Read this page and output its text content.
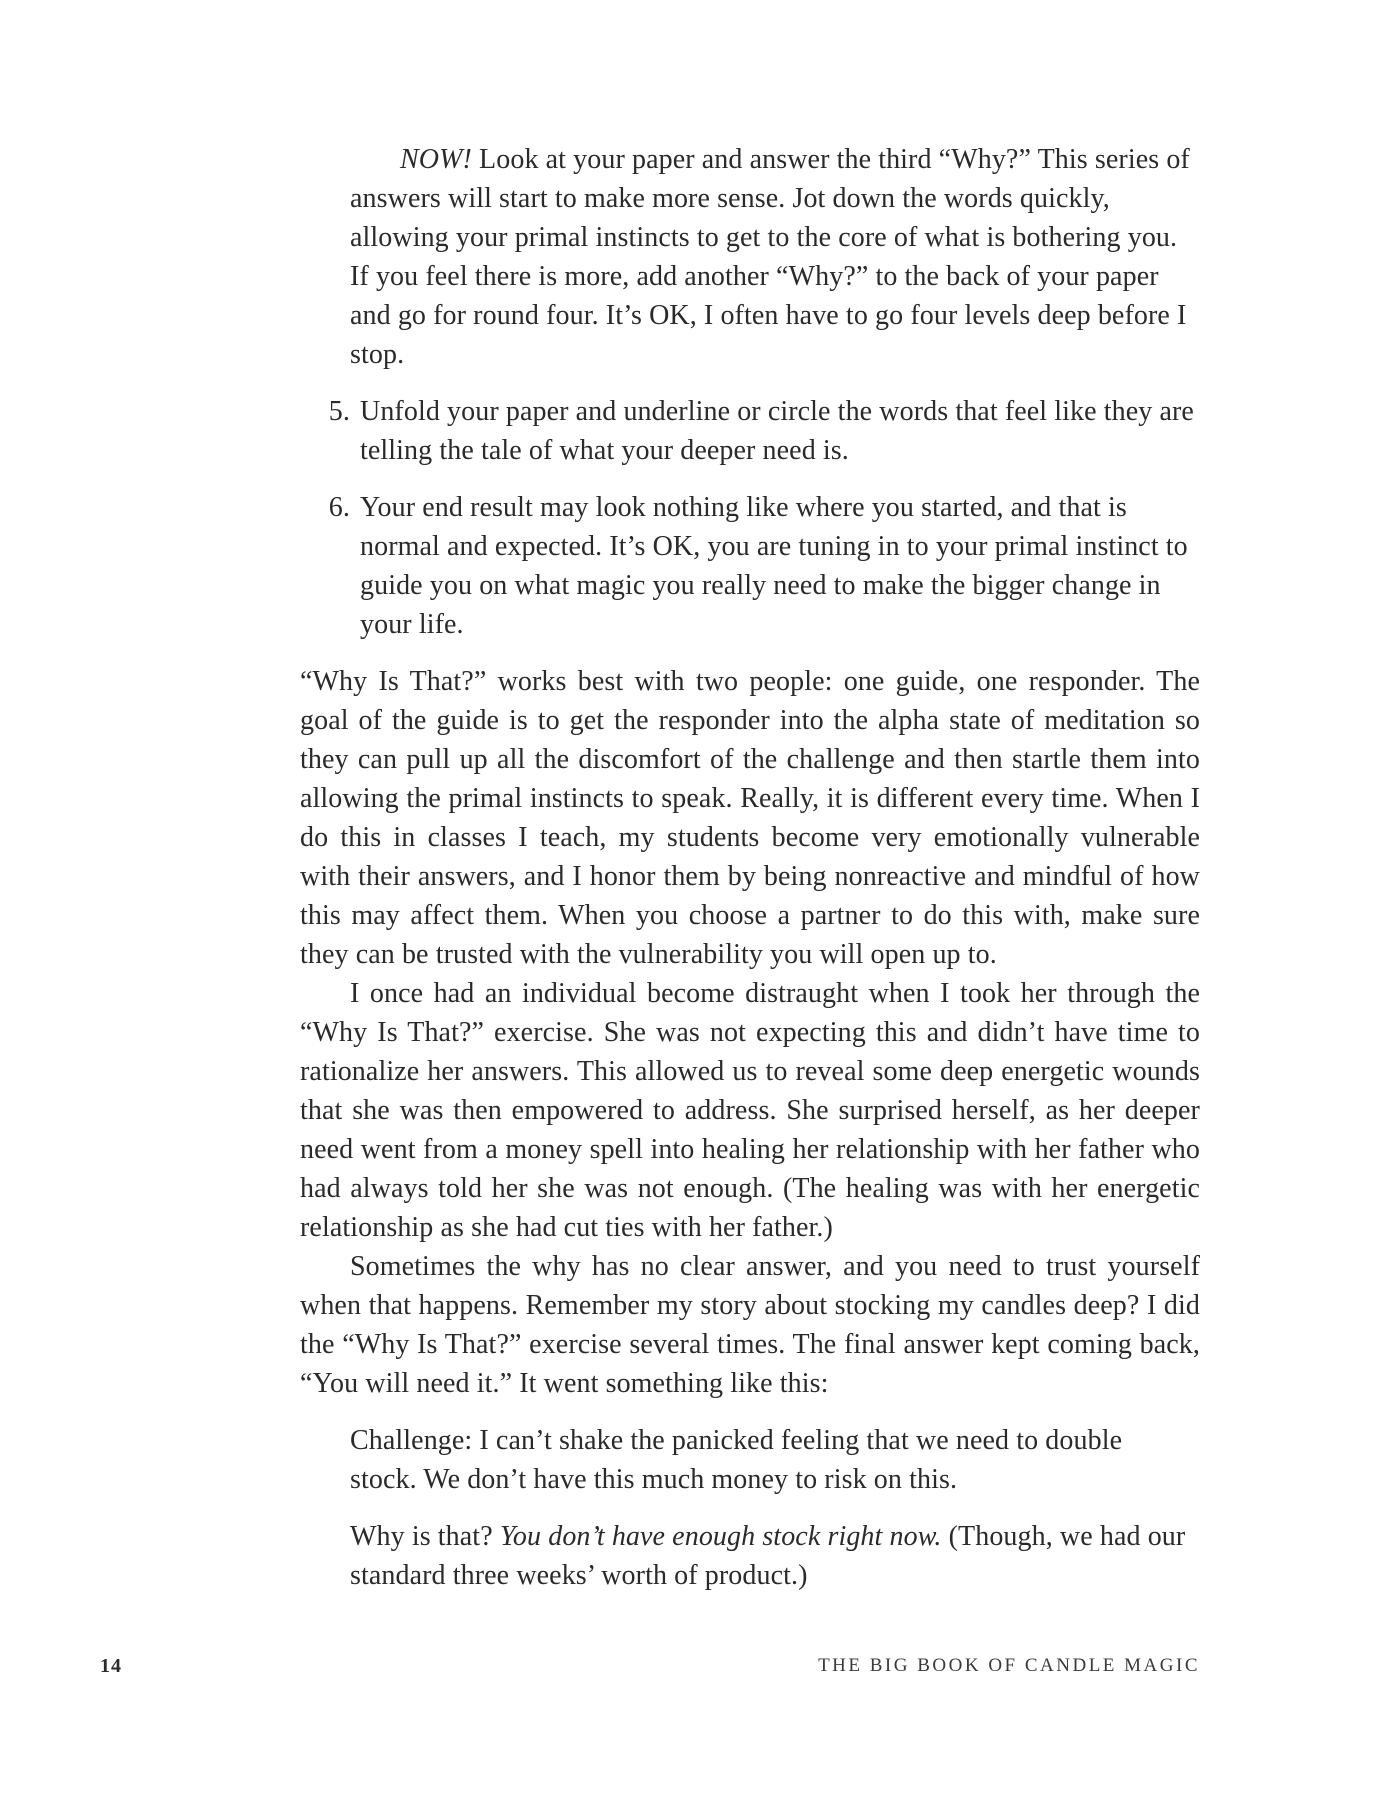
NOW! Look at your paper and answer the third “Why?” This series of answers will start to make more sense. Jot down the words quickly, allowing your primal instincts to get to the core of what is bothering you. If you feel there is more, add another “Why?” to the back of your paper and go for round four. It’s OK, I often have to go four levels deep before I stop.

5. Unfold your paper and underline or circle the words that feel like they are telling the tale of what your deeper need is.
6. Your end result may look nothing like where you started, and that is normal and expected. It’s OK, you are tuning in to your primal instinct to guide you on what magic you really need to make the bigger change in your life.

“Why Is That?” works best with two people: one guide, one responder. The goal of the guide is to get the responder into the alpha state of meditation so they can pull up all the discomfort of the challenge and then startle them into allowing the primal instincts to speak. Really, it is different every time. When I do this in classes I teach, my students become very emotionally vulnerable with their answers, and I honor them by being nonreactive and mindful of how this may affect them. When you choose a partner to do this with, make sure they can be trusted with the vulnerability you will open up to.

I once had an individual become distraught when I took her through the “Why Is That?” exercise. She was not expecting this and didn’t have time to rationalize her answers. This allowed us to reveal some deep energetic wounds that she was then empowered to address. She surprised herself, as her deeper need went from a money spell into healing her relationship with her father who had always told her she was not enough. (The healing was with her energetic relationship as she had cut ties with her father.)

Sometimes the why has no clear answer, and you need to trust yourself when that happens. Remember my story about stocking my candles deep? I did the “Why Is That?” exercise several times. The final answer kept coming back, “You will need it.” It went something like this:

Challenge: I can’t shake the panicked feeling that we need to double stock. We don’t have this much money to risk on this.

Why is that? You don’t have enough stock right now. (Though, we had our standard three weeks’ worth of product.)

14	THE BIG BOOK OF CANDLE MAGIC
